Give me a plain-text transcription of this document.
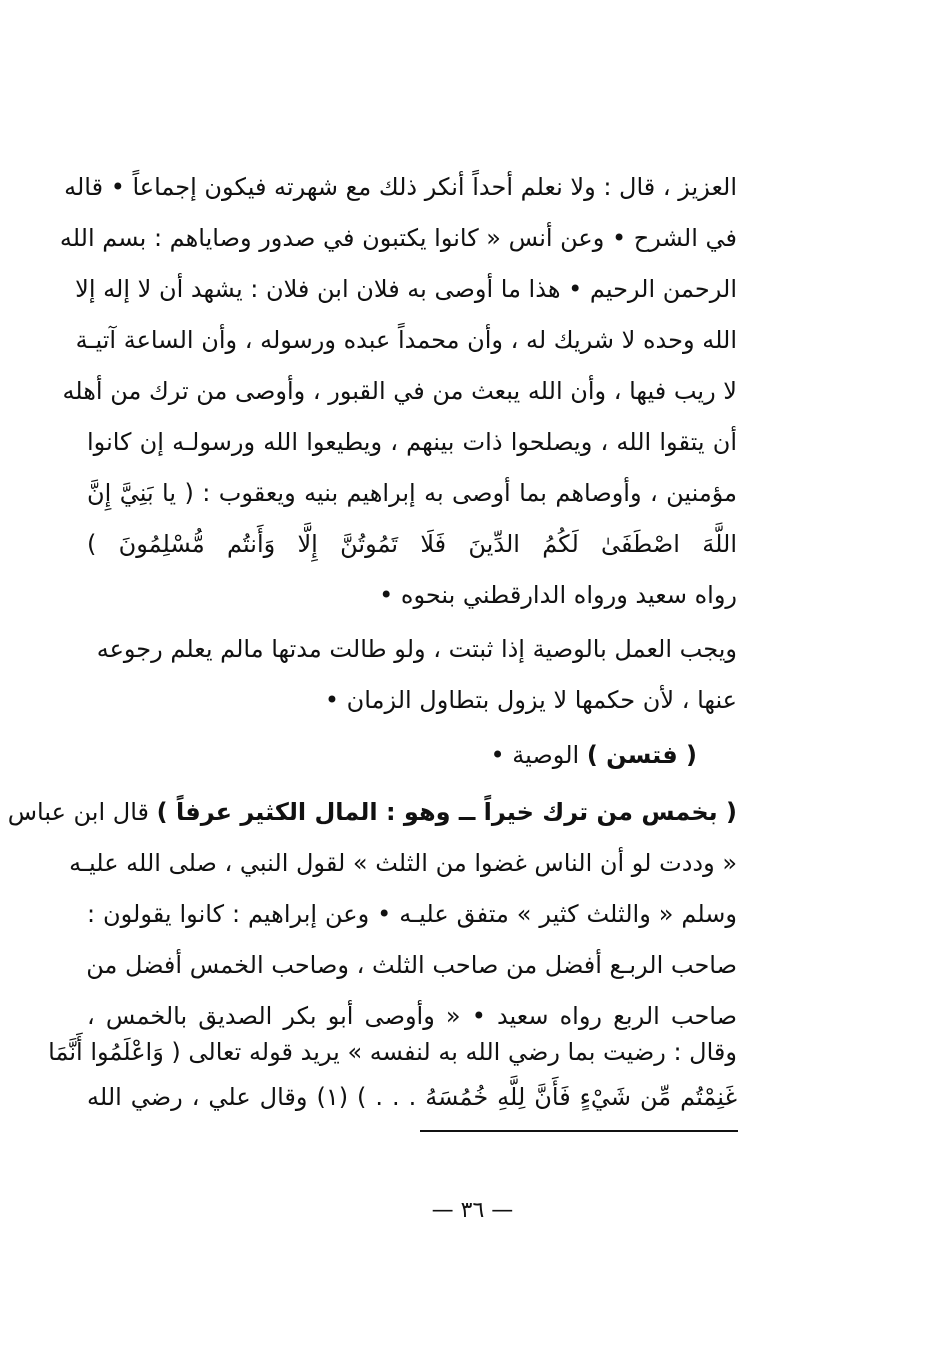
العزيز ، قال : ولا نعلم أحداً أنكر ذلك مع شهرته فيكون إجماعاً • قاله
في الشرح • وعن أنس « كانوا يكتبون في صدور وصاياهم : بسم الله
الرحمن الرحيم • هذا ما أوصى به فلان ابن فلان : يشهد أن لا إله إلا
الله وحده لا شريك له ، وأن محمداً عبده ورسوله ، وأن الساعة آتيـة
لا ريب فيها ، وأن الله يبعث من في القبور ، وأوصى من ترك من أهله
أن يتقوا الله ، ويصلحوا ذات بينهم ، ويطيعوا الله ورسولـه إن كانوا
مؤمنين ، وأوصاهم بما أوصى به إبراهيم بنيه ويعقوب : ( يا بَنِيَّ إِنَّ
اللَّهَ اصْطَفَىٰ لَكُمُ الدِّينَ فَلَا تَمُوتُنَّ إِلَّا وَأَنتُم مُّسْلِمُونَ )
رواه سعيد ورواه الدارقطني بنحوه •
ويجب العمل بالوصية إذا ثبتت ، ولو طالت مدتها مالم يعلم رجوعه
عنها ، لأن حكمها لا يزول بتطاول الزمان •
( فتسن ) الوصية •
( بخمس من ترك خيراً ــ وهو : المال الكثير عرفاً ) قال ابن عباس
« وددت لو أن الناس غضوا من الثلث » لقول النبي ، صلى الله عليـه
وسلم « والثلث كثير » متفق عليـه • وعن إبراهيم : كانوا يقولون :
صاحب الربـع أفضل من صاحب الثلث ، وصاحب الخمس أفضل من
صاحب الربع رواه سعيد • « وأوصى أبو بكر الصديق بالخمس ،
وقال : رضيت بما رضي الله به لنفسه » يريد قوله تعالى ( وَاعْلَمُوا أَنَّمَا
غَنِمْتُم مِّن شَيْءٍ فَأَنَّ لِلَّهِ خُمُسَهُ . . . ) (١) وقال علي ، رضي الله
— ٣٦ —
